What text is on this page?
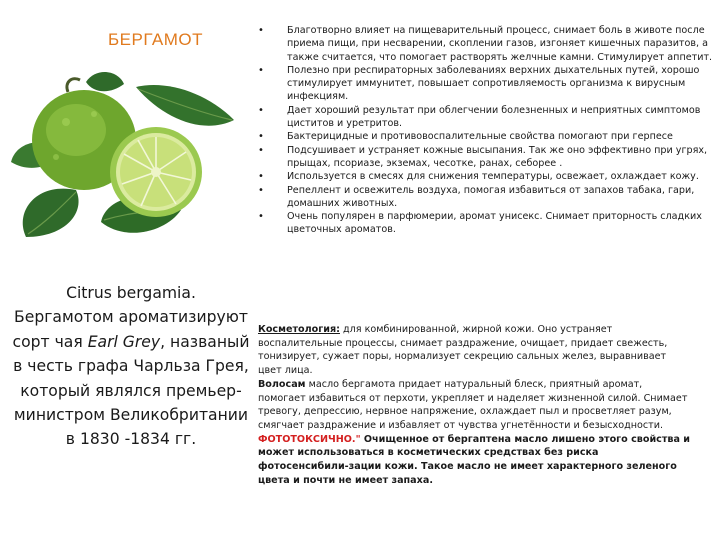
БЕРГАМОТ

Citrus bergamia.

Бергамотом ароматизируют сорт чая Earl Grey, названый в честь графа Чарльза Грея, который являлся премьер-министром Великобритании в 1830 -1834 гг.

• Благотворно влияет на пищеварительный процесс, снимает боль в животе после приема пищи, при несварении, скоплении газов, изгоняет кишечных паразитов, а также считается, что помогает растворять желчные камни. Стимулирует аппетит.
• Полезно при респираторных заболеваниях верхних дыхательных путей, хорошо стимулирует иммунитет, повышает сопротивляемость организма к вирусным инфекциям.
• Дает хороший результат при облегчении болезненных и неприятных симптомов циститов и уретритов.
• Бактерицидные и противовоспалительные свойства помогают при герпесе
• Подсушивает и устраняет кожные высыпания. Так же оно эффективно при угрях, прыщах, псориазе, экземах, чесотке, ранах, себорее .
• Используется в смесях для снижения температуры, освежает, охлаждает кожу.
• Репеллент и освежитель воздуха, помогая избавиться от запахов табака, гари, домашних животных.
• Очень популярен в парфюмерии, аромат унисекс. Снимает приторность сладких цветочных ароматов.

Косметология: для комбинированной, жирной кожи. Оно устраняет воспалительные процессы, снимает раздражение, очищает, придает свежесть, тонизирует, сужает поры, нормализует секрецию сальных желез, выравнивает цвет лица.

Волосам масло бергамота придает натуральный блеск, приятный аромат, помогает избавиться от перхоти, укрепляет и наделяет жизненной силой. Снимает тревогу, депрессию, нервное напряжение, охлаждает пыл и просветляет разум, смягчает раздражение и избавляет от чувства угнетённости и безысходности.

ФОТОТОКСИЧНО." Очищенное от бергаптена масло лишено этого свойства и может использоваться в косметических средствах без риска фотосенсибили-зации кожи. Такое масло не имеет характерного зеленого цвета и почти не имеет запаха.
